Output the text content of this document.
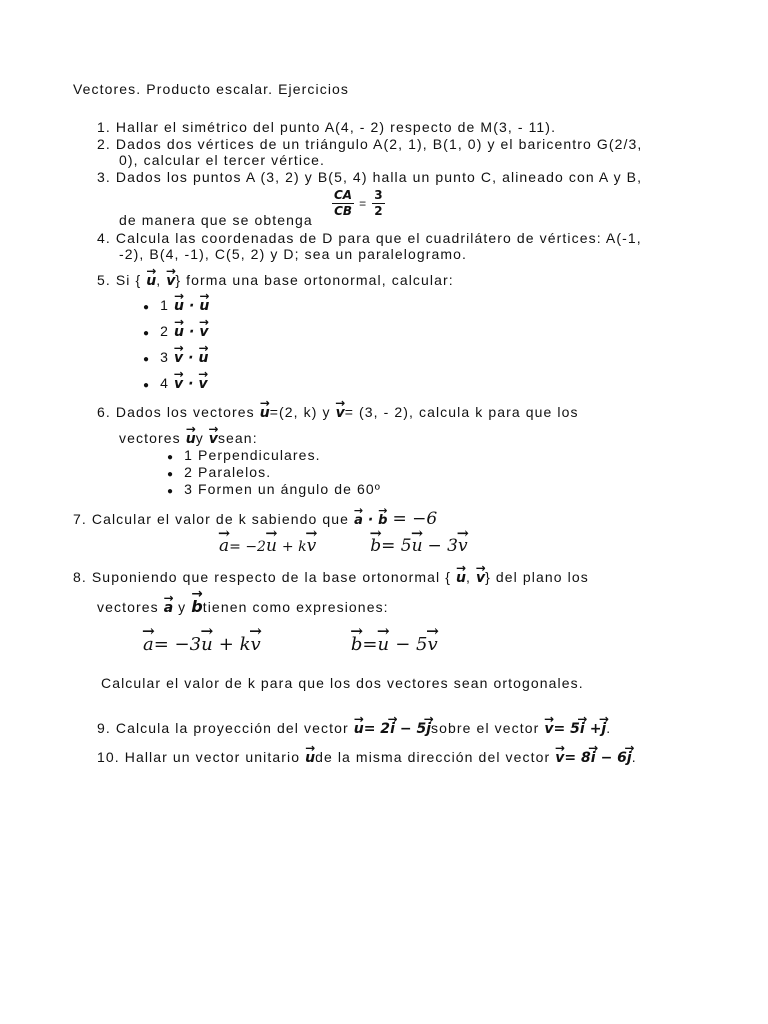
Vectores. Producto escalar. Ejercicios
1. Hallar el simétrico del punto A(4, - 2) respecto de M(3, - 11).
2. Dados dos vértices de un triángulo A(2, 1), B(1, 0) y el baricentro G(2/3,
0), calcular el tercer vértice.
3. Dados los puntos A (3, 2) y B(5, 4) halla un punto C, alineado con A y B,
$\frac{CA}{CB} = \frac{3}{2}$
de manera que se obtenga
4. Calcula las coordenadas de D para que el cuadrilátero de vértices: A(-1,
-2), B(4, -1), C(5, 2) y D; sea un paralelogramo.
5. Si { → u, → v} forma una base ortonormal, calcular:
● 1 → u · → u
● 2 → u · → v
● 3 → v · → u
● 4 → v · → v
6. Dados los vectores → u=(2, k) y → v= (3, - 2), calcula k para que los
vectores → uy → vsean:
● 1 Perpendiculares.
● 2 Paralelos.
● 3 Formen un ángulo de 60º
7. Calcular el valor de k sabiendo que → a · → b = −6
→ a= −2→ u + k→ v	→ b= 5→ u − 3→ v
8. Suponiendo que respecto de la base ortonormal { → u, → v} del plano los
vectores → a y → btienen como expresiones:
→ a= −3→ u + k→ v	→ b=→ u − 5→ v
Calcular el valor de k para que los dos vectores sean ortogonales.
9. Calcula la proyección del vector → u= 2→ i − 5→ jsobre el vector → v= 5→ i +→ j.
10. Hallar un vector unitario → ude la misma dirección del vector → v= 8→ i − 6→ j.
